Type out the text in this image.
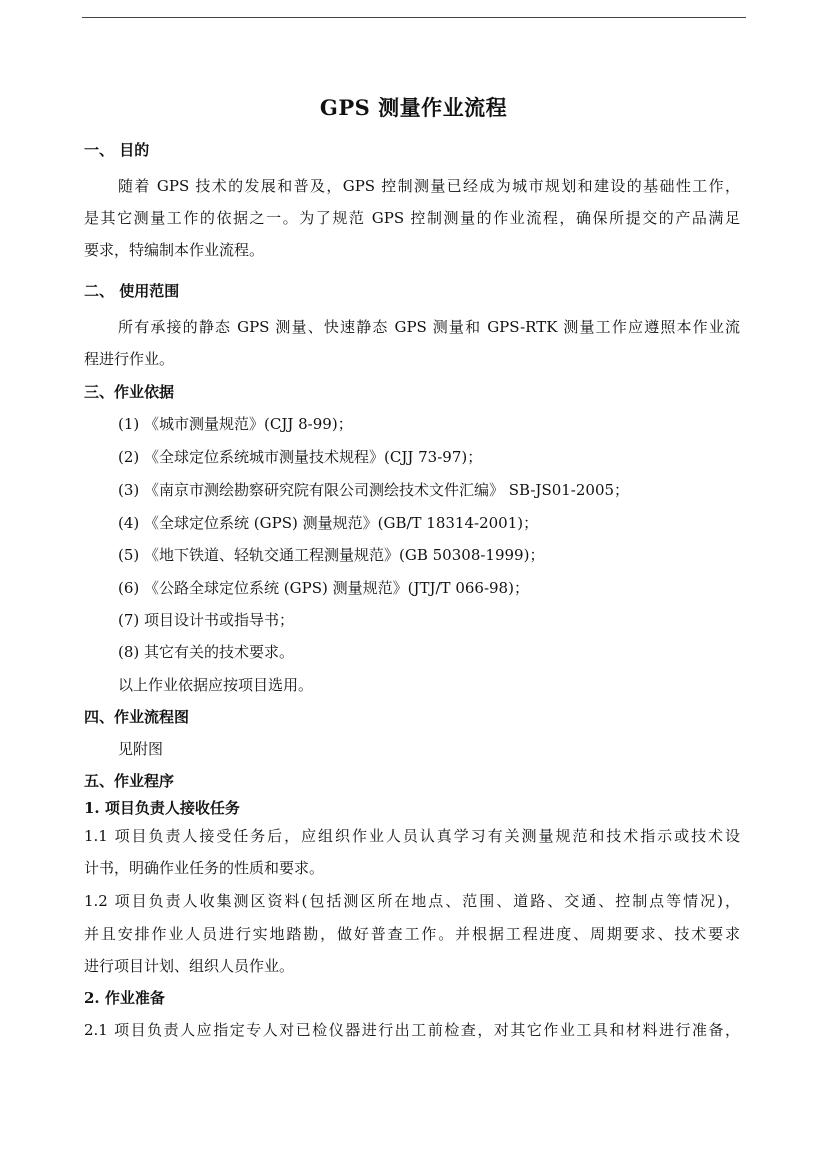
GPS 测量作业流程
一、 目的
随着 GPS 技术的发展和普及，GPS 控制测量已经成为城市规划和建设的基础性工作，
是其它测量工作的依据之一。为了规范 GPS 控制测量的作业流程，确保所提交的产品满足
要求，特编制本作业流程。
二、 使用范围
所有承接的静态 GPS 测量、快速静态 GPS 测量和 GPS-RTK 测量工作应遵照本作业流
程进行作业。
三、作业依据
(1) 《城市测量规范》(CJJ 8-99)；
(2) 《全球定位系统城市测量技术规程》(CJJ 73-97)；
(3) 《南京市测绘勘察研究院有限公司测绘技术文件汇编》 SB-JS01-2005；
(4) 《全球定位系统 (GPS) 测量规范》(GB/T 18314-2001)；
(5) 《地下铁道、轻轨交通工程测量规范》(GB 50308-1999)；
(6) 《公路全球定位系统 (GPS) 测量规范》(JTJ/T 066-98)；
(7) 项目设计书或指导书；
(8) 其它有关的技术要求。
以上作业依据应按项目选用。
四、作业流程图
见附图
五、作业程序
1. 项目负责人接收任务
1.1 项目负责人接受任务后，应组织作业人员认真学习有关测量规范和技术指示或技术设
计书，明确作业任务的性质和要求。
1.2 项目负责人收集测区资料(包括测区所在地点、范围、道路、交通、控制点等情况)，
并且安排作业人员进行实地踏勘，做好普查工作。并根据工程进度、周期要求、技术要求
进行项目计划、组织人员作业。
2. 作业准备
2.1 项目负责人应指定专人对已检仪器进行出工前检查，对其它作业工具和材料进行准备，
